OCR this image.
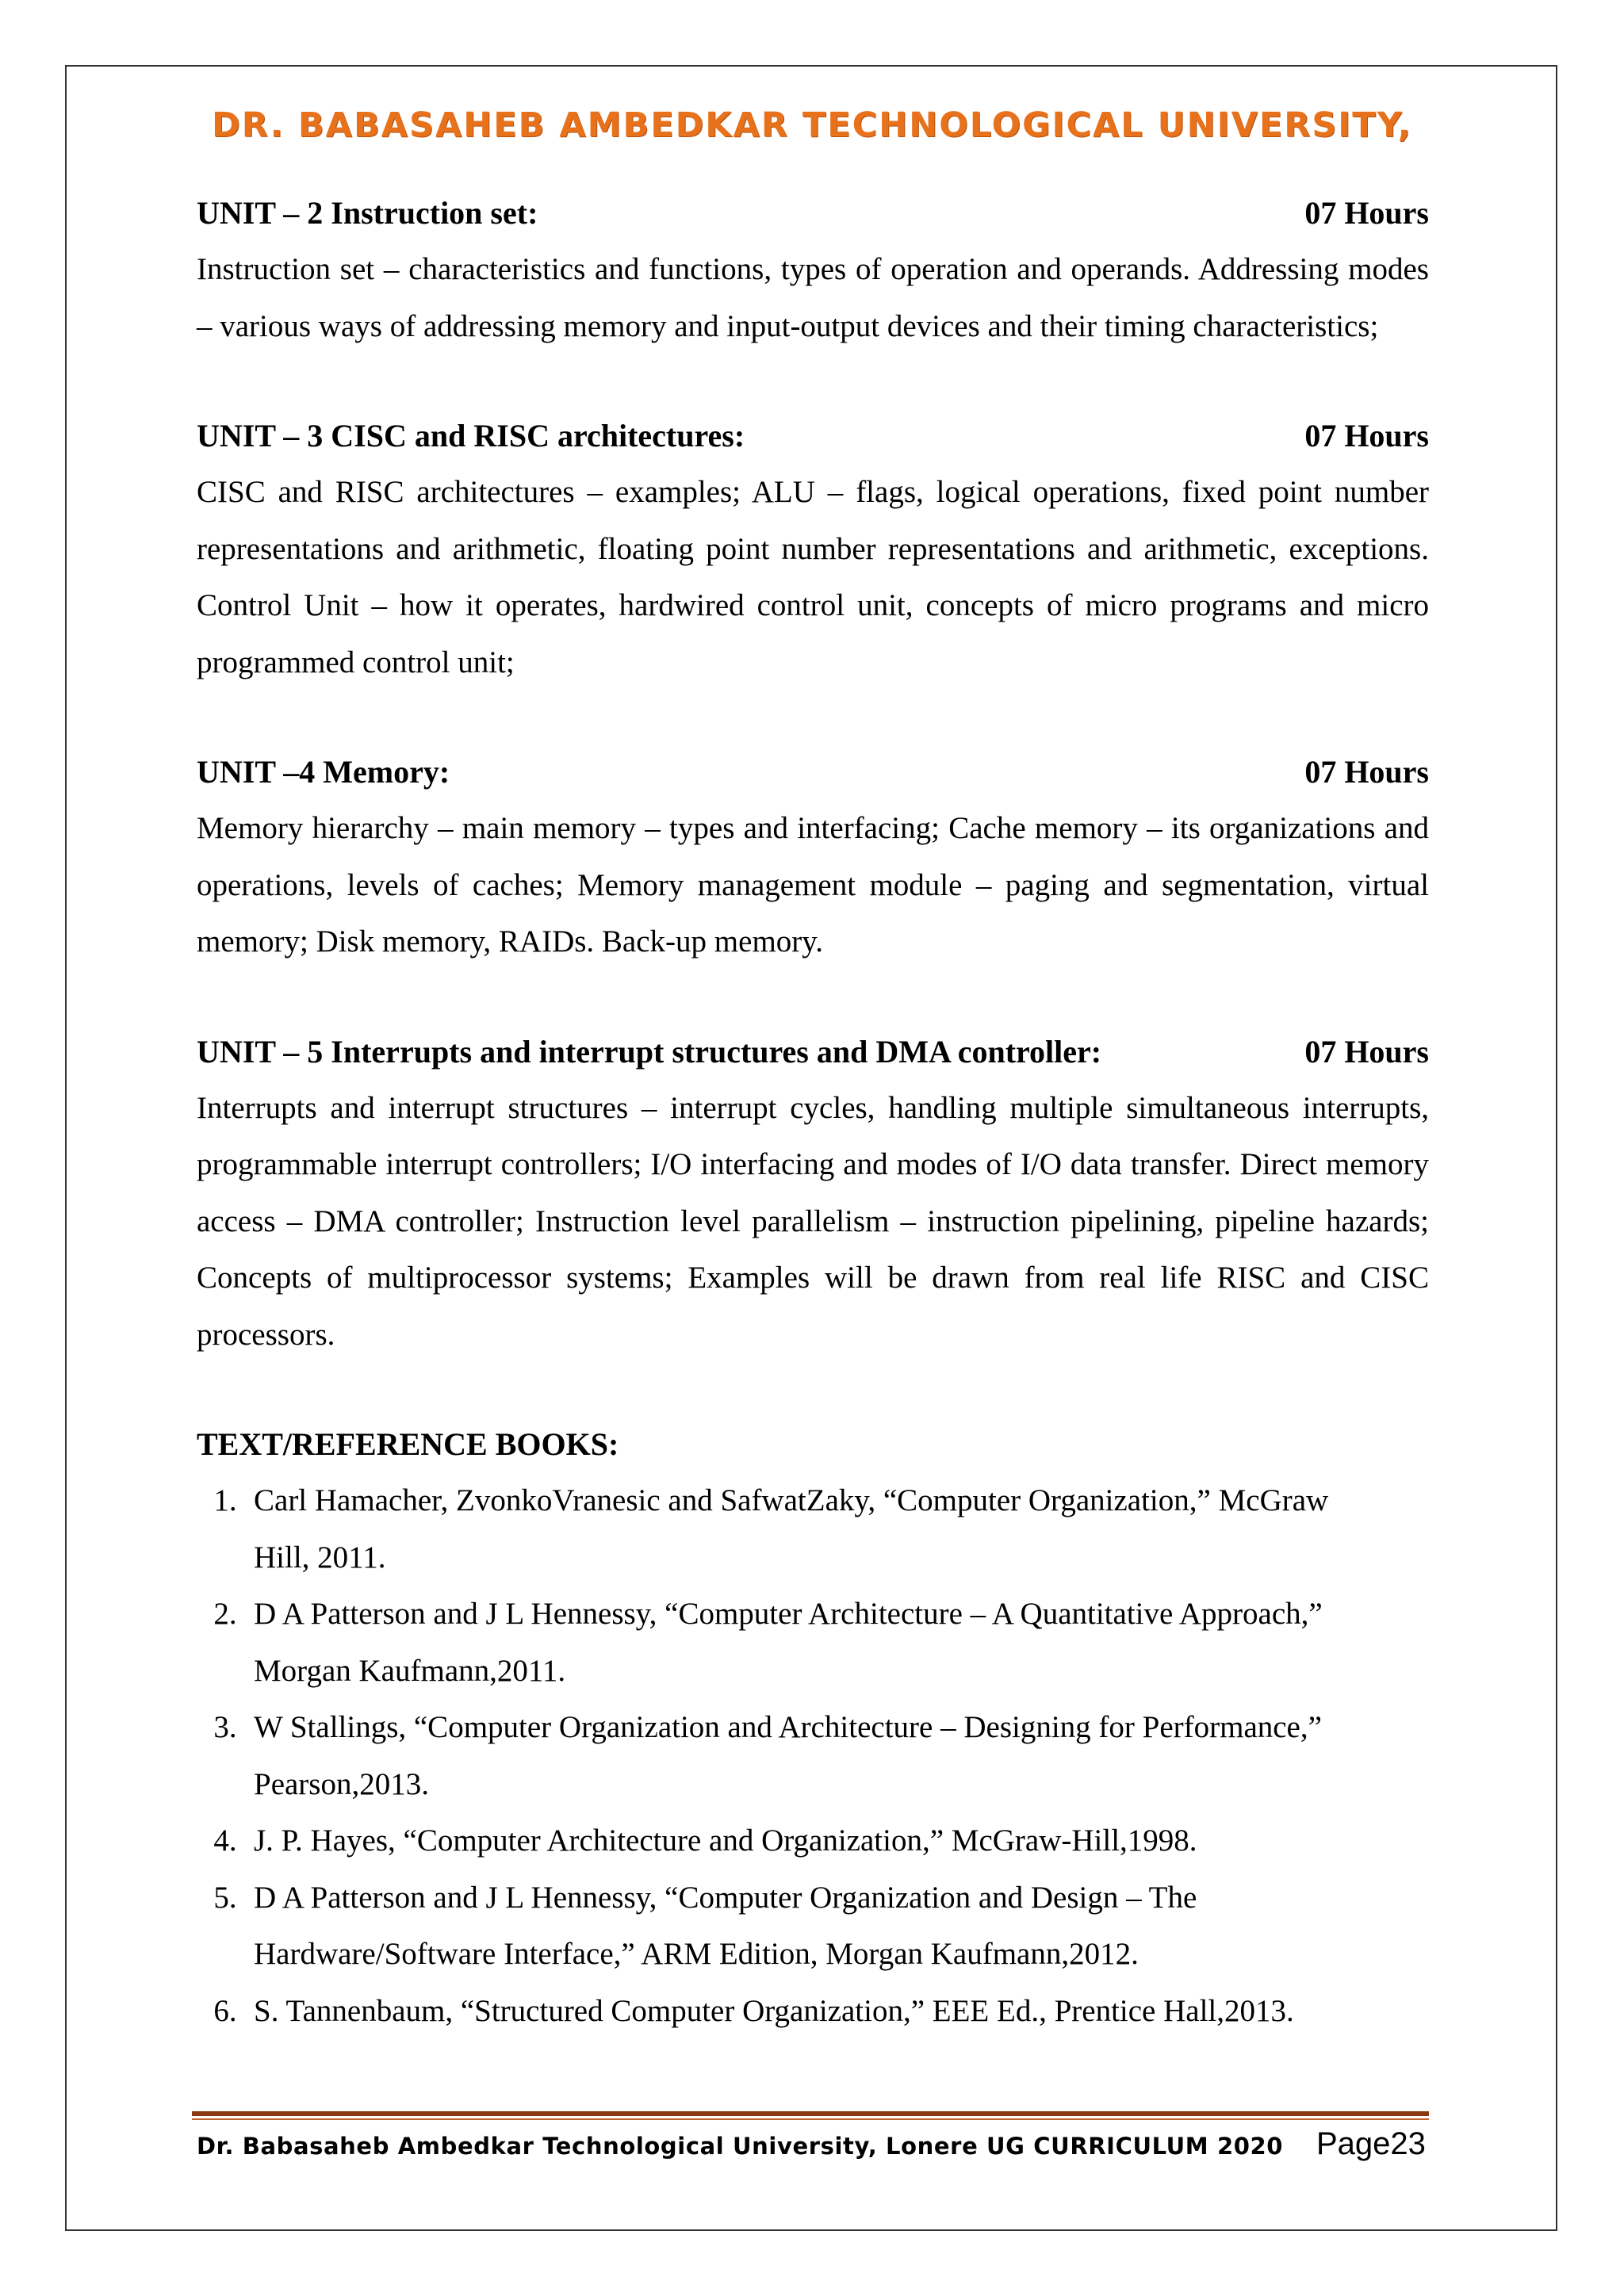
DR. BABASAHEB AMBEDKAR TECHNOLOGICAL UNIVERSITY,
UNIT – 2 Instruction set:	07 Hours

Instruction set – characteristics and functions, types of operation and operands. Addressing modes – various ways of addressing memory and input-output devices and their timing characteristics;

UNIT – 3 CISC and RISC architectures:	07 Hours

CISC and RISC architectures – examples; ALU – flags, logical operations, fixed point number representations and arithmetic, floating point number representations and arithmetic, exceptions. Control Unit – how it operates, hardwired control unit, concepts of micro programs and micro programmed control unit;

UNIT –4 Memory:	07 Hours

Memory hierarchy – main memory – types and interfacing; Cache memory – its organizations and operations, levels of caches; Memory management module – paging and segmentation, virtual memory; Disk memory, RAIDs. Back-up memory.

UNIT – 5 Interrupts and interrupt structures and DMA controller:	07 Hours

Interrupts and interrupt structures – interrupt cycles, handling multiple simultaneous interrupts, programmable interrupt controllers; I/O interfacing and modes of I/O data transfer. Direct memory access – DMA controller; Instruction level parallelism – instruction pipelining, pipeline hazards; Concepts of multiprocessor systems; Examples will be drawn from real life RISC and CISC processors.

TEXT/REFERENCE BOOKS:
1. Carl Hamacher, ZvonkoVranesic and SafwatZaky, “Computer Organization,” McGraw
Hill, 2011.
2. D A Patterson and J L Hennessy, “Computer Architecture – A Quantitative Approach,”
Morgan Kaufmann,2011.
3. W Stallings, “Computer Organization and Architecture – Designing for Performance,”
Pearson,2013.
4. J. P. Hayes, “Computer Architecture and Organization,” McGraw-Hill,1998.
5. D A Patterson and J L Hennessy, “Computer Organization and Design – The
Hardware/Software Interface,” ARM Edition, Morgan Kaufmann,2012.
6. S. Tannenbaum, “Structured Computer Organization,” EEE Ed., Prentice Hall,2013.
Dr. Babasaheb Ambedkar Technological University, Lonere UG CURRICULUM 2020 Page23
